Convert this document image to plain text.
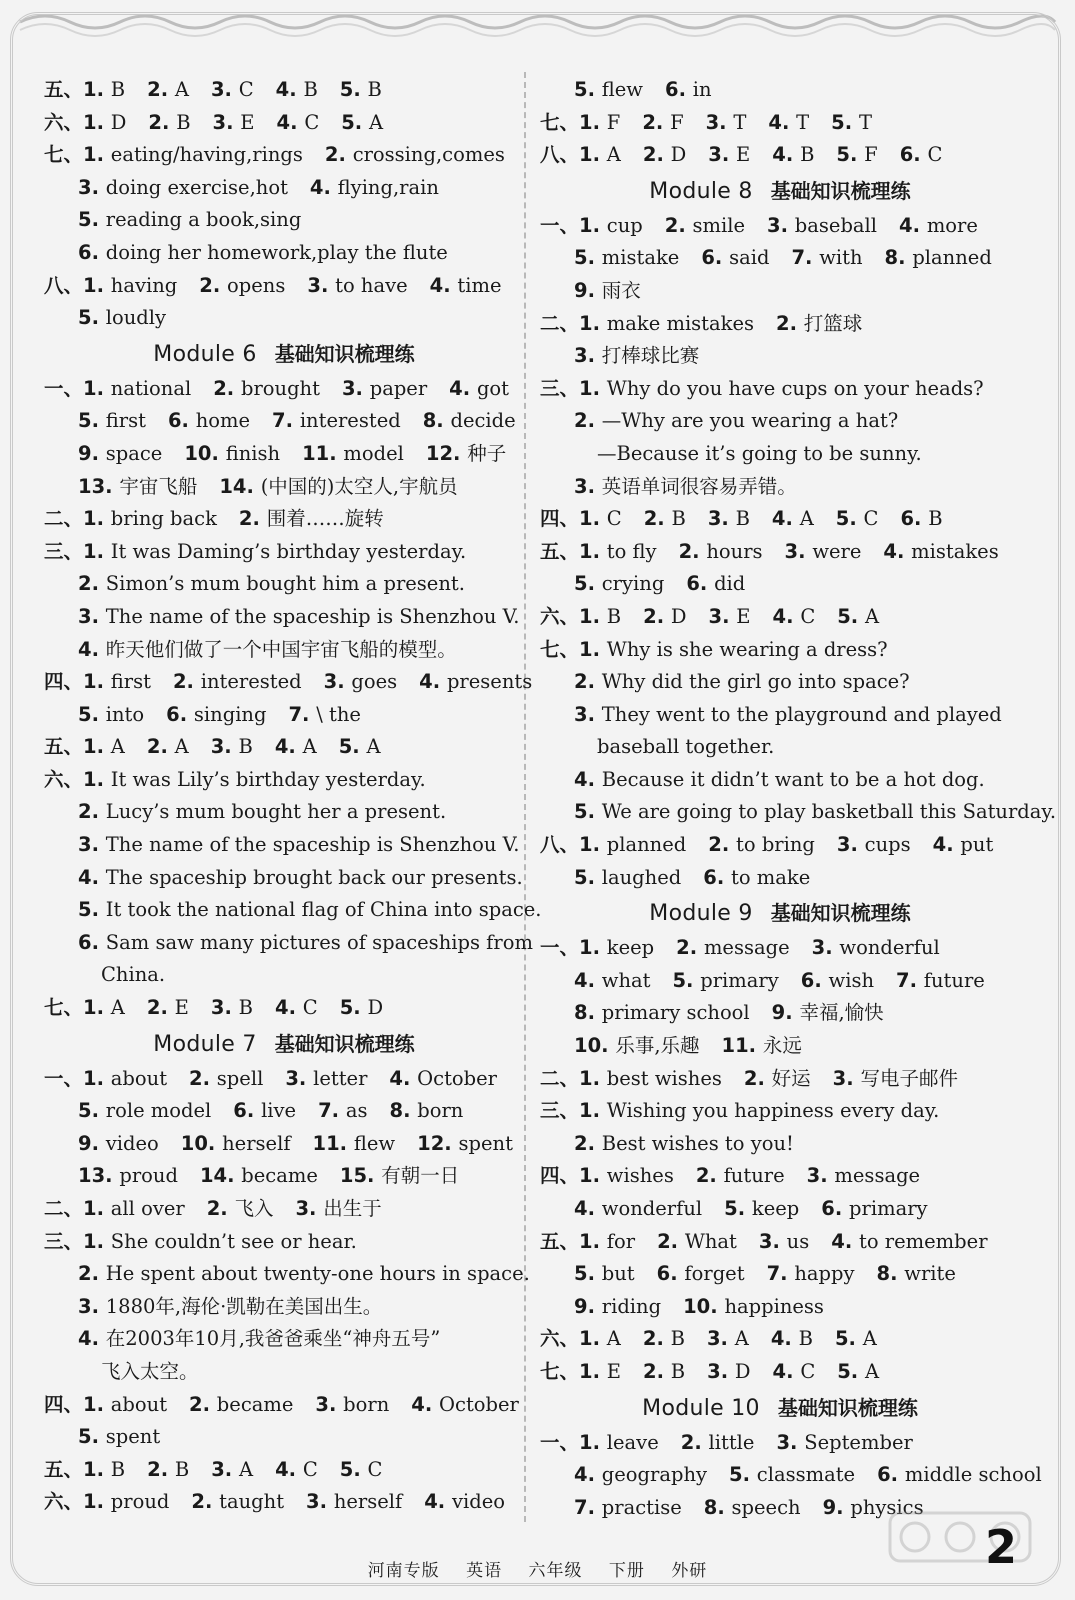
五、1. B 2. A 3. C 4. B 5. B
六、1. D 2. B 3. E 4. C 5. A
七、1. eating/having,rings 2. crossing,comes
3. doing exercise,hot 4. flying,rain
5. reading a book,sing
6. doing her homework,play the flute
八、1. having 2. opens 3. to have 4. time
5. loudly
Module 6 基础知识梳理练
一、1. national 2. brought 3. paper 4. got
5. first 6. home 7. interested 8. decide
9. space 10. finish 11. model 12. 种子
13. 宇宙飞船 14. (中国的)太空人,宇航员
二、1. bring back 2. 围着……旋转
三、1. It was Daming’s birthday yesterday.
2. Simon’s mum bought him a present.
3. The name of the spaceship is Shenzhou V.
4. 昨天他们做了一个中国宇宙飞船的模型。
四、1. first 2. interested 3. goes 4. presents
5. into 6. singing 7. \ the
五、1. A 2. A 3. B 4. A 5. A
六、1. It was Lily’s birthday yesterday.
2. Lucy’s mum bought her a present.
3. The name of the spaceship is Shenzhou V.
4. The spaceship brought back our presents.
5. It took the national flag of China into space.
6. Sam saw many pictures of spaceships from
China.
七、1. A 2. E 3. B 4. C 5. D
Module 7 基础知识梳理练
一、1. about 2. spell 3. letter 4. October
5. role model 6. live 7. as 8. born
9. video 10. herself 11. flew 12. spent
13. proud 14. became 15. 有朝一日
二、1. all over 2. 飞入 3. 出生于
三、1. She couldn’t see or hear.
2. He spent about twenty-one hours in space.
3. 1880年,海伦·凯勒在美国出生。
4. 在2003年10月,我爸爸乘坐“神舟五号”
飞入太空。
四、1. about 2. became 3. born 4. October
5. spent
五、1. B 2. B 3. A 4. C 5. C
六、1. proud 2. taught 3. herself 4. video
5. flew 6. in
七、1. F 2. F 3. T 4. T 5. T
八、1. A 2. D 3. E 4. B 5. F 6. C
Module 8 基础知识梳理练
一、1. cup 2. smile 3. baseball 4. more
5. mistake 6. said 7. with 8. planned
9. 雨衣
二、1. make mistakes 2. 打篮球
3. 打棒球比赛
三、1. Why do you have cups on your heads?
2. —Why are you wearing a hat?
—Because it’s going to be sunny.
3. 英语单词很容易弄错。
四、1. C 2. B 3. B 4. A 5. C 6. B
五、1. to fly 2. hours 3. were 4. mistakes
5. crying 6. did
六、1. B 2. D 3. E 4. C 5. A
七、1. Why is she wearing a dress?
2. Why did the girl go into space?
3. They went to the playground and played
baseball together.
4. Because it didn’t want to be a hot dog.
5. We are going to play basketball this Saturday.
八、1. planned 2. to bring 3. cups 4. put
5. laughed 6. to make
Module 9 基础知识梳理练
一、1. keep 2. message 3. wonderful
4. what 5. primary 6. wish 7. future
8. primary school 9. 幸福,愉快
10. 乐事,乐趣 11. 永远
二、1. best wishes 2. 好运 3. 写电子邮件
三、1. Wishing you happiness every day.
2. Best wishes to you!
四、1. wishes 2. future 3. message
4. wonderful 5. keep 6. primary
五、1. for 2. What 3. us 4. to remember
5. but 6. forget 7. happy 8. write
9. riding 10. happiness
六、1. A 2. B 3. A 4. B 5. A
七、1. E 2. B 3. D 4. C 5. A
Module 10 基础知识梳理练
一、1. leave 2. little 3. September
4. geography 5. classmate 6. middle school
7. practise 8. speech 9. physics
河南专版 英语 六年级 下册 外研	2
